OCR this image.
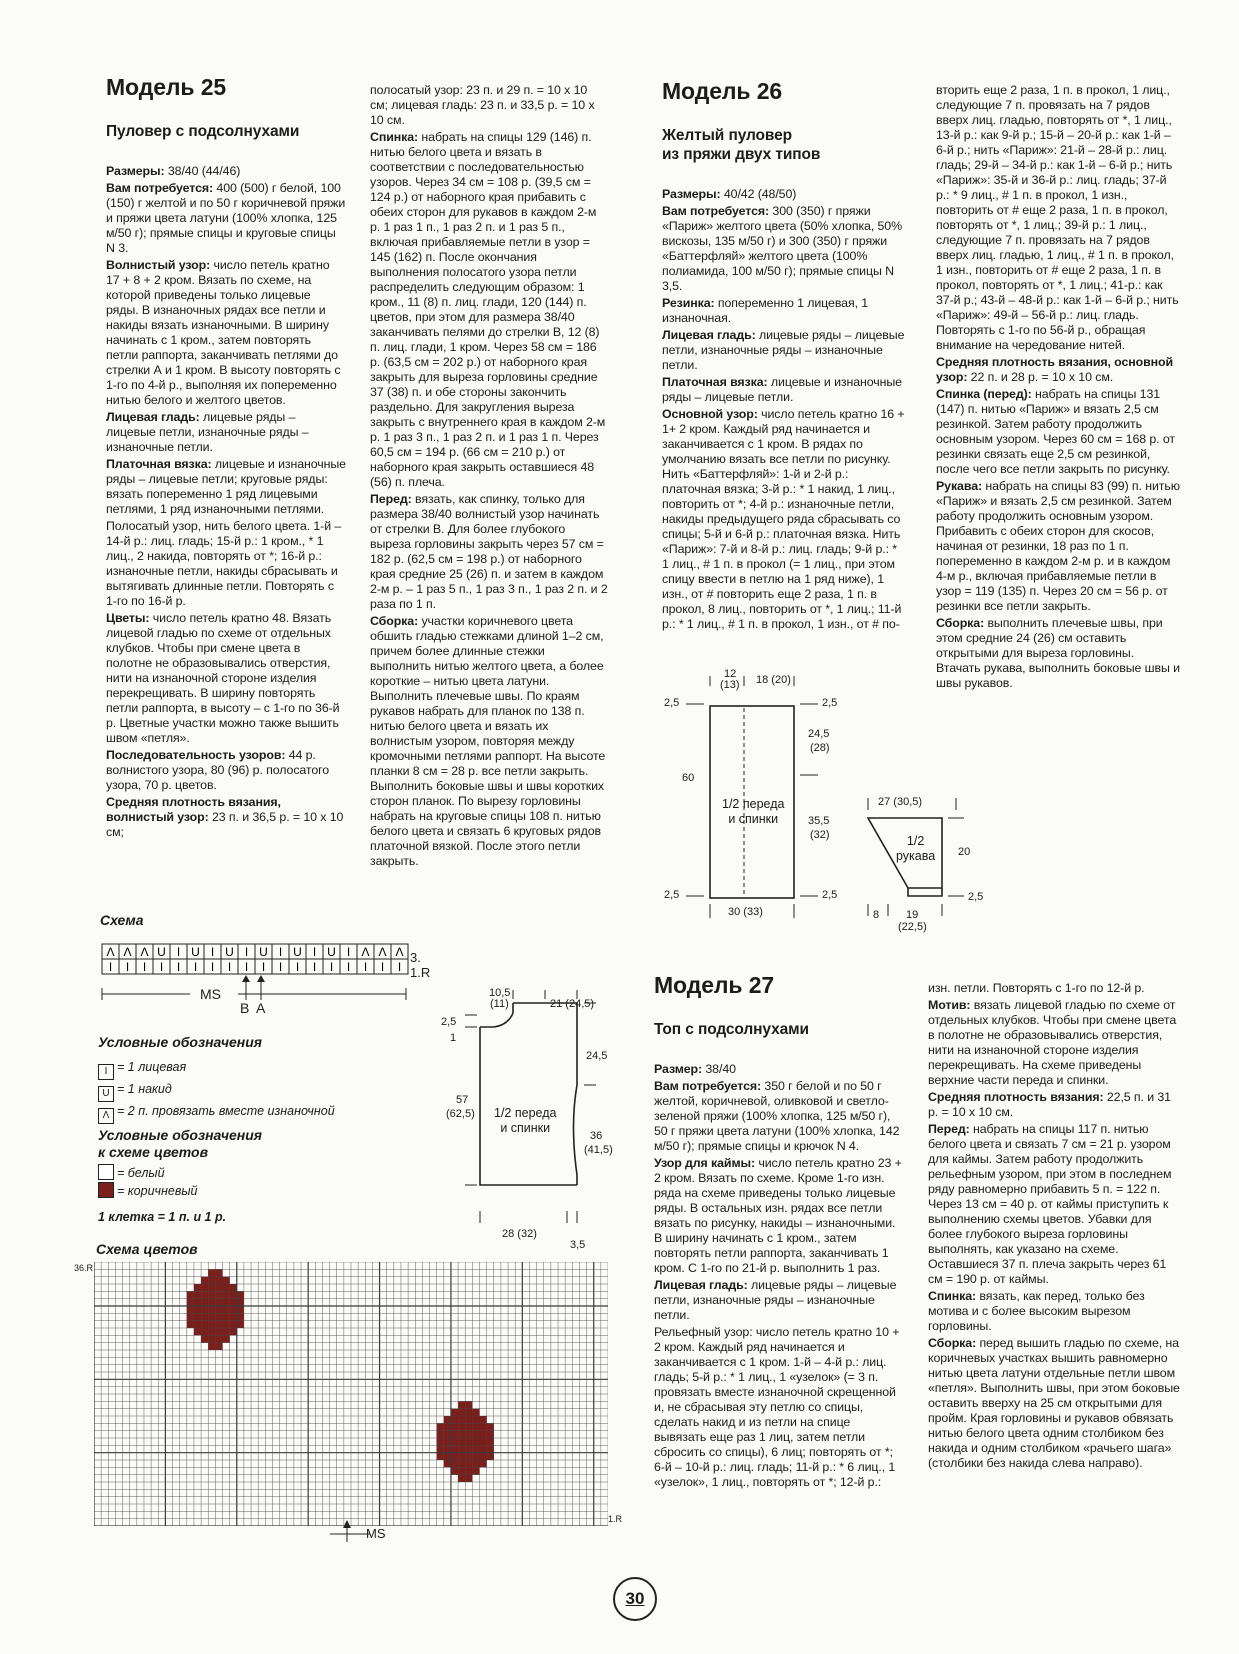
Модель 25

Пуловер с подсолнухами

Размеры: 38/40 (44/46)
Вам потребуется: 400 (500) г белой, 100 (150) г желтой и по 50 г коричневой пряжи и пряжи цвета латуни (100% хлопка, 125 м/50 г); прямые спицы и круговые спицы N 3.
Волнистый узор: число петель кратно 17 + 8 + 2 кром. Вязать по схеме, на которой приведены только лицевые ряды. В изнаночных рядах все петли и накиды вязать изнаночными. В ширину начинать с 1 кром., затем повторять петли раппорта, заканчивать петлями до стрелки А и 1 кром. В высоту повторять с 1-го по 4-й р., выполняя их попеременно нитью белого и желтого цветов.
Лицевая гладь: лицевые ряды – лицевые петли, изнаночные ряды – изнаночные петли.
Платочная вязка: лицевые и изнаночные ряды – лицевые петли; круговые ряды: вязать попеременно 1 ряд лицевыми петлями, 1 ряд изнаночными петлями.
Полосатый узор, нить белого цвета. 1-й – 14-й р.: лиц. гладь; 15-й р.: 1 кром., * 1 лиц., 2 накида, повторять от *; 16-й р.: изнаночные петли, накиды сбрасывать и вытягивать длинные петли. Повторять с 1-го по 16-й р.
Цветы: число петель кратно 48. Вязать лицевой гладью по схеме от отдельных клубков. Чтобы при смене цвета в полотне не образовывались отверстия, нити на изнаночной стороне изделия перекрещивать. В ширину повторять петли раппорта, в высоту – с 1-го по 36-й р. Цветные участки можно также вышить швом «петля».
Последовательность узоров: 44 р. волнистого узора, 80 (96) р. полосатого узора, 70 р. цветов.
Средняя плотность вязания, волнистый узор: 23 п. и 36,5 р. = 10 х 10 см;

полосатый узор: 23 п. и 29 п. = 10 х 10 см; лицевая гладь: 23 п. и 33,5 р. = 10 х 10 см.
Спинка: набрать на спицы 129 (146) п. нитью белого цвета и вязать в соответствии с последовательностью узоров. Через 34 см = 108 р. (39,5 см = 124 р.) от наборного края прибавить с обеих сторон для рукавов в каждом 2-м р. 1 раз 1 п., 1 раз 2 п. и 1 раз 5 п., включая прибавляемые петли в узор = 145 (162) п. После окончания выполнения полосатого узора петли распределить следующим образом: 1 кром., 11 (8) п. лиц. глади, 120 (144) п. цветов, при этом для размера 38/40 заканчивать пелями до стрелки В, 12 (8) п. лиц. глади, 1 кром. Через 58 см = 186 р. (63,5 см = 202 р.) от наборного края закрыть для выреза горловины средние 37 (38) п. и обе стороны закончить раздельно. Для закругления выреза закрыть с внутреннего края в каждом 2-м р. 1 раз 3 п., 1 раз 2 п. и 1 раз 1 п. Через 60,5 см = 194 р. (66 см = 210 р.) от наборного края закрыть оставшиеся 48 (56) п. плеча.
Перед: вязать, как спинку, только для размера 38/40 волнистый узор начинать от стрелки В. Для более глубокого выреза горловины закрыть через 57 см = 182 р. (62,5 см = 198 р.) от наборного края средние 25 (26) п. и затем в каждом 2-м р. – 1 раз 5 п., 1 раз 3 п., 1 раз 2 п. и 2 раза по 1 п.
Сборка: участки коричневого цвета обшить гладью стежками длиной 1–2 см, причем более длинные стежки выполнить нитью желтого цвета, а более короткие – нитью цвета латуни. Выполнить плечевые швы. По краям рукавов набрать для планок по 138 п. нитью белого цвета и вязать их волнистым узором, повторяя между кромочными петлями раппорт. На высоте планки 8 см = 28 р. все петли закрыть. Выполнить боковые швы и швы коротких сторон планок. По вырезу горловины набрать на круговые спицы 108 п. нитью белого цвета и связать 6 круговых рядов платочной вязкой. После этого петли закрыть.

Модель 26

Желтый пуловер
из пряжи двух типов

Размеры: 40/42 (48/50)
Вам потребуется: 300 (350) г пряжи «Париж» желтого цвета (50% хлопка, 50% вискозы, 135 м/50 г) и 300 (350) г пряжи «Баттерфляй» желтого цвета (100% полиамида, 100 м/50 г); прямые спицы N 3,5.
Резинка: попеременно 1 лицевая, 1 изнаночная.
Лицевая гладь: лицевые ряды – лицевые петли, изнаночные ряды – изнаночные петли.
Платочная вязка: лицевые и изнаночные ряды – лицевые петли.
Основной узор: число петель кратно 16 + 1+ 2 кром. Каждый ряд начинается и заканчивается с 1 кром. В рядах по умолчанию вязать все петли по рисунку. Нить «Баттерфляй»: 1-й и 2-й р.: платочная вязка; 3-й р.: * 1 накид, 1 лиц., повторить от *; 4-й р.: изнаночные петли, накиды предыдущего ряда сбрасывать со спицы; 5-й и 6-й р.: платочная вязка. Нить «Париж»: 7-й и 8-й р.: лиц. гладь; 9-й р.: * 1 лиц., # 1 п. в прокол (= 1 лиц., при этом спицу ввести в петлю на 1 ряд ниже), 1 изн., от # повторить еще 2 раза, 1 п. в прокол, 8 лиц., повторить от *, 1 лиц.; 11-й р.: * 1 лиц., # 1 п. в прокол, 1 изн., от # по-

вторить еще 2 раза, 1 п. в прокол, 1 лиц., следующие 7 п. провязать на 7 рядов вверх лиц. гладью, повторять от *, 1 лиц., 13-й р.: как 9-й р.; 15-й – 20-й р.: как 1-й – 6-й р.; нить «Париж»: 21-й – 28-й р.: лиц. гладь; 29-й – 34-й р.: как 1-й – 6-й р.; нить «Париж»: 35-й и 36-й р.: лиц. гладь; 37-й р.: * 9 лиц., # 1 п. в прокол, 1 изн., повторить от # еще 2 раза, 1 п. в прокол, повторять от *, 1 лиц.; 39-й р.: 1 лиц., следующие 7 п. провязать на 7 рядов вверх лиц. гладью, 1 лиц., # 1 п. в прокол, 1 изн., повторить от # еще 2 раза, 1 п. в прокол, повторять от *, 1 лиц.; 41-р.: как 37-й р.; 43-й – 48-й р.: как 1-й – 6-й р.; нить «Париж»: 49-й – 56-й р.: лиц. гладь. Повторять с 1-го по 56-й р., обращая внимание на чередование нитей.
Средняя плотность вязания, основной узор: 22 п. и 28 р. = 10 х 10 см.
Спинка (перед): набрать на спицы 131 (147) п. нитью «Париж» и вязать 2,5 см резинкой. Затем работу продолжить основным узором. Через 60 см = 168 р. от резинки связать еще 2,5 см резинкой, после чего все петли закрыть по рисунку.
Рукава: набрать на спицы 83 (99) п. нитью «Париж» и вязать 2,5 см резинкой. Затем работу продолжить основным узором. Прибавить с обеих сторон для скосов, начиная от резинки, 18 раз по 1 п. попеременно в каждом 2-м р. и в каждом 4-м р., включая прибавляемые петли в узор = 119 (135) п. Через 20 см = 56 р. от резинки все петли закрыть.
Сборка: выполнить плечевые швы, при этом средние 24 (26) см оставить открытыми для выреза горловины. Втачать рукава, выполнить боковые швы и швы рукавов.

Модель 27

Топ с подсолнухами

Размер: 38/40
Вам потребуется: 350 г белой и по 50 г желтой, коричневой, оливковой и светло-зеленой пряжи (100% хлопка, 125 м/50 г), 50 г пряжи цвета латуни (100% хлопка, 142 м/50 г); прямые спицы и крючок N 4.
Узор для каймы: число петель кратно 23 + 2 кром. Вязать по схеме. Кроме 1-го изн. ряда на схеме приведены только лицевые ряды. В остальных изн. рядах все петли вязать по рисунку, накиды – изнаночными. В ширину начинать с 1 кром., затем повторять петли раппорта, заканчивать 1 кром. С 1-го по 21-й р. выполнить 1 раз.
Лицевая гладь: лицевые ряды – лицевые петли, изнаночные ряды – изнаночные петли.
Рельефный узор: число петель кратно 10 + 2 кром. Каждый ряд начинается и заканчивается с 1 кром. 1-й – 4-й р.: лиц. гладь; 5-й р.: * 1 лиц., 1 «узелок» (= 3 п. провязать вместе изнаночной скрещенной и, не сбрасывая эту петлю со спицы, сделать накид и из петли на спице вывязать еще раз 1 лиц, затем петли сбросить со спицы), 6 лиц; повторять от *; 6-й – 10-й р.: лиц. гладь; 11-й р.: * 6 лиц., 1 «узелок», 1 лиц., повторять от *; 12-й р.:

изн. петли. Повторять с 1-го по 12-й р.
Мотив: вязать лицевой гладью по схеме от отдельных клубков. Чтобы при смене цвета в полотне не образовывались отверстия, нити на изнаночной стороне изделия перекрещивать. На схеме приведены верхние части переда и спинки.
Средняя плотность вязания: 22,5 п. и 31 р. = 10 х 10 см.
Перед: набрать на спицы 117 п. нитью белого цвета и связать 7 см = 21 р. узором для каймы. Затем работу продолжить рельефным узором, при этом в последнем ряду равномерно прибавить 5 п. = 122 п. Через 13 см = 40 р. от каймы приступить к выполнению схемы цветов. Убавки для более глубокого выреза горловины выполнять, как указано на схеме. Оставшиеся 37 п. плеча закрыть через 61 см = 190 р. от каймы.
Спинка: вязать, как перед, только без мотива и с более высоким вырезом горловины.
Сборка: перед вышить гладью по схеме, на коричневых участках вышить равномерно нитью цвета латуни отдельные петли швом «петля». Выполнить швы, при этом боковые оставить вверху на 25 см открытыми для пройм. Края горловины и рукавов обвязать нитью белого цвета одним столбиком без накида и одним столбиком «рачьего шага» (столбики без накида слева направо).

Схема
Λ
I
Λ
I
Λ
I
U
I
I
I
U
I
I
I
U
I
I
I
U
I
I
I
U
I
I
I
U
I
I
I
Λ
I
Λ
I
Λ
I
3.
1.R
MS
B A
Условные обозначения
I = 1 лицевая
U = 1 накид
Λ = 2 п. провязать вместе изнаночной
Условные обозначения
к схеме цветов
= белый
= коричневый
1 клетка = 1 п. и 1 р.
Схема цветов
36.R
1.R
MS
10,5
(11)	21 (24,5)
2,5
1
24,5
57
(62,5) 1/2 переда
и спинки
36
(41,5)
28 (32)
3,5
12
(13) 18 (20)
2,5	2,5
24,5
(28)
60
1/2 переда
и спинки	35,5
(32)
2,5	2,5
30 (33)
27 (30,5)
1/2
рукава 20
2,5
8 19
(22,5)
30
